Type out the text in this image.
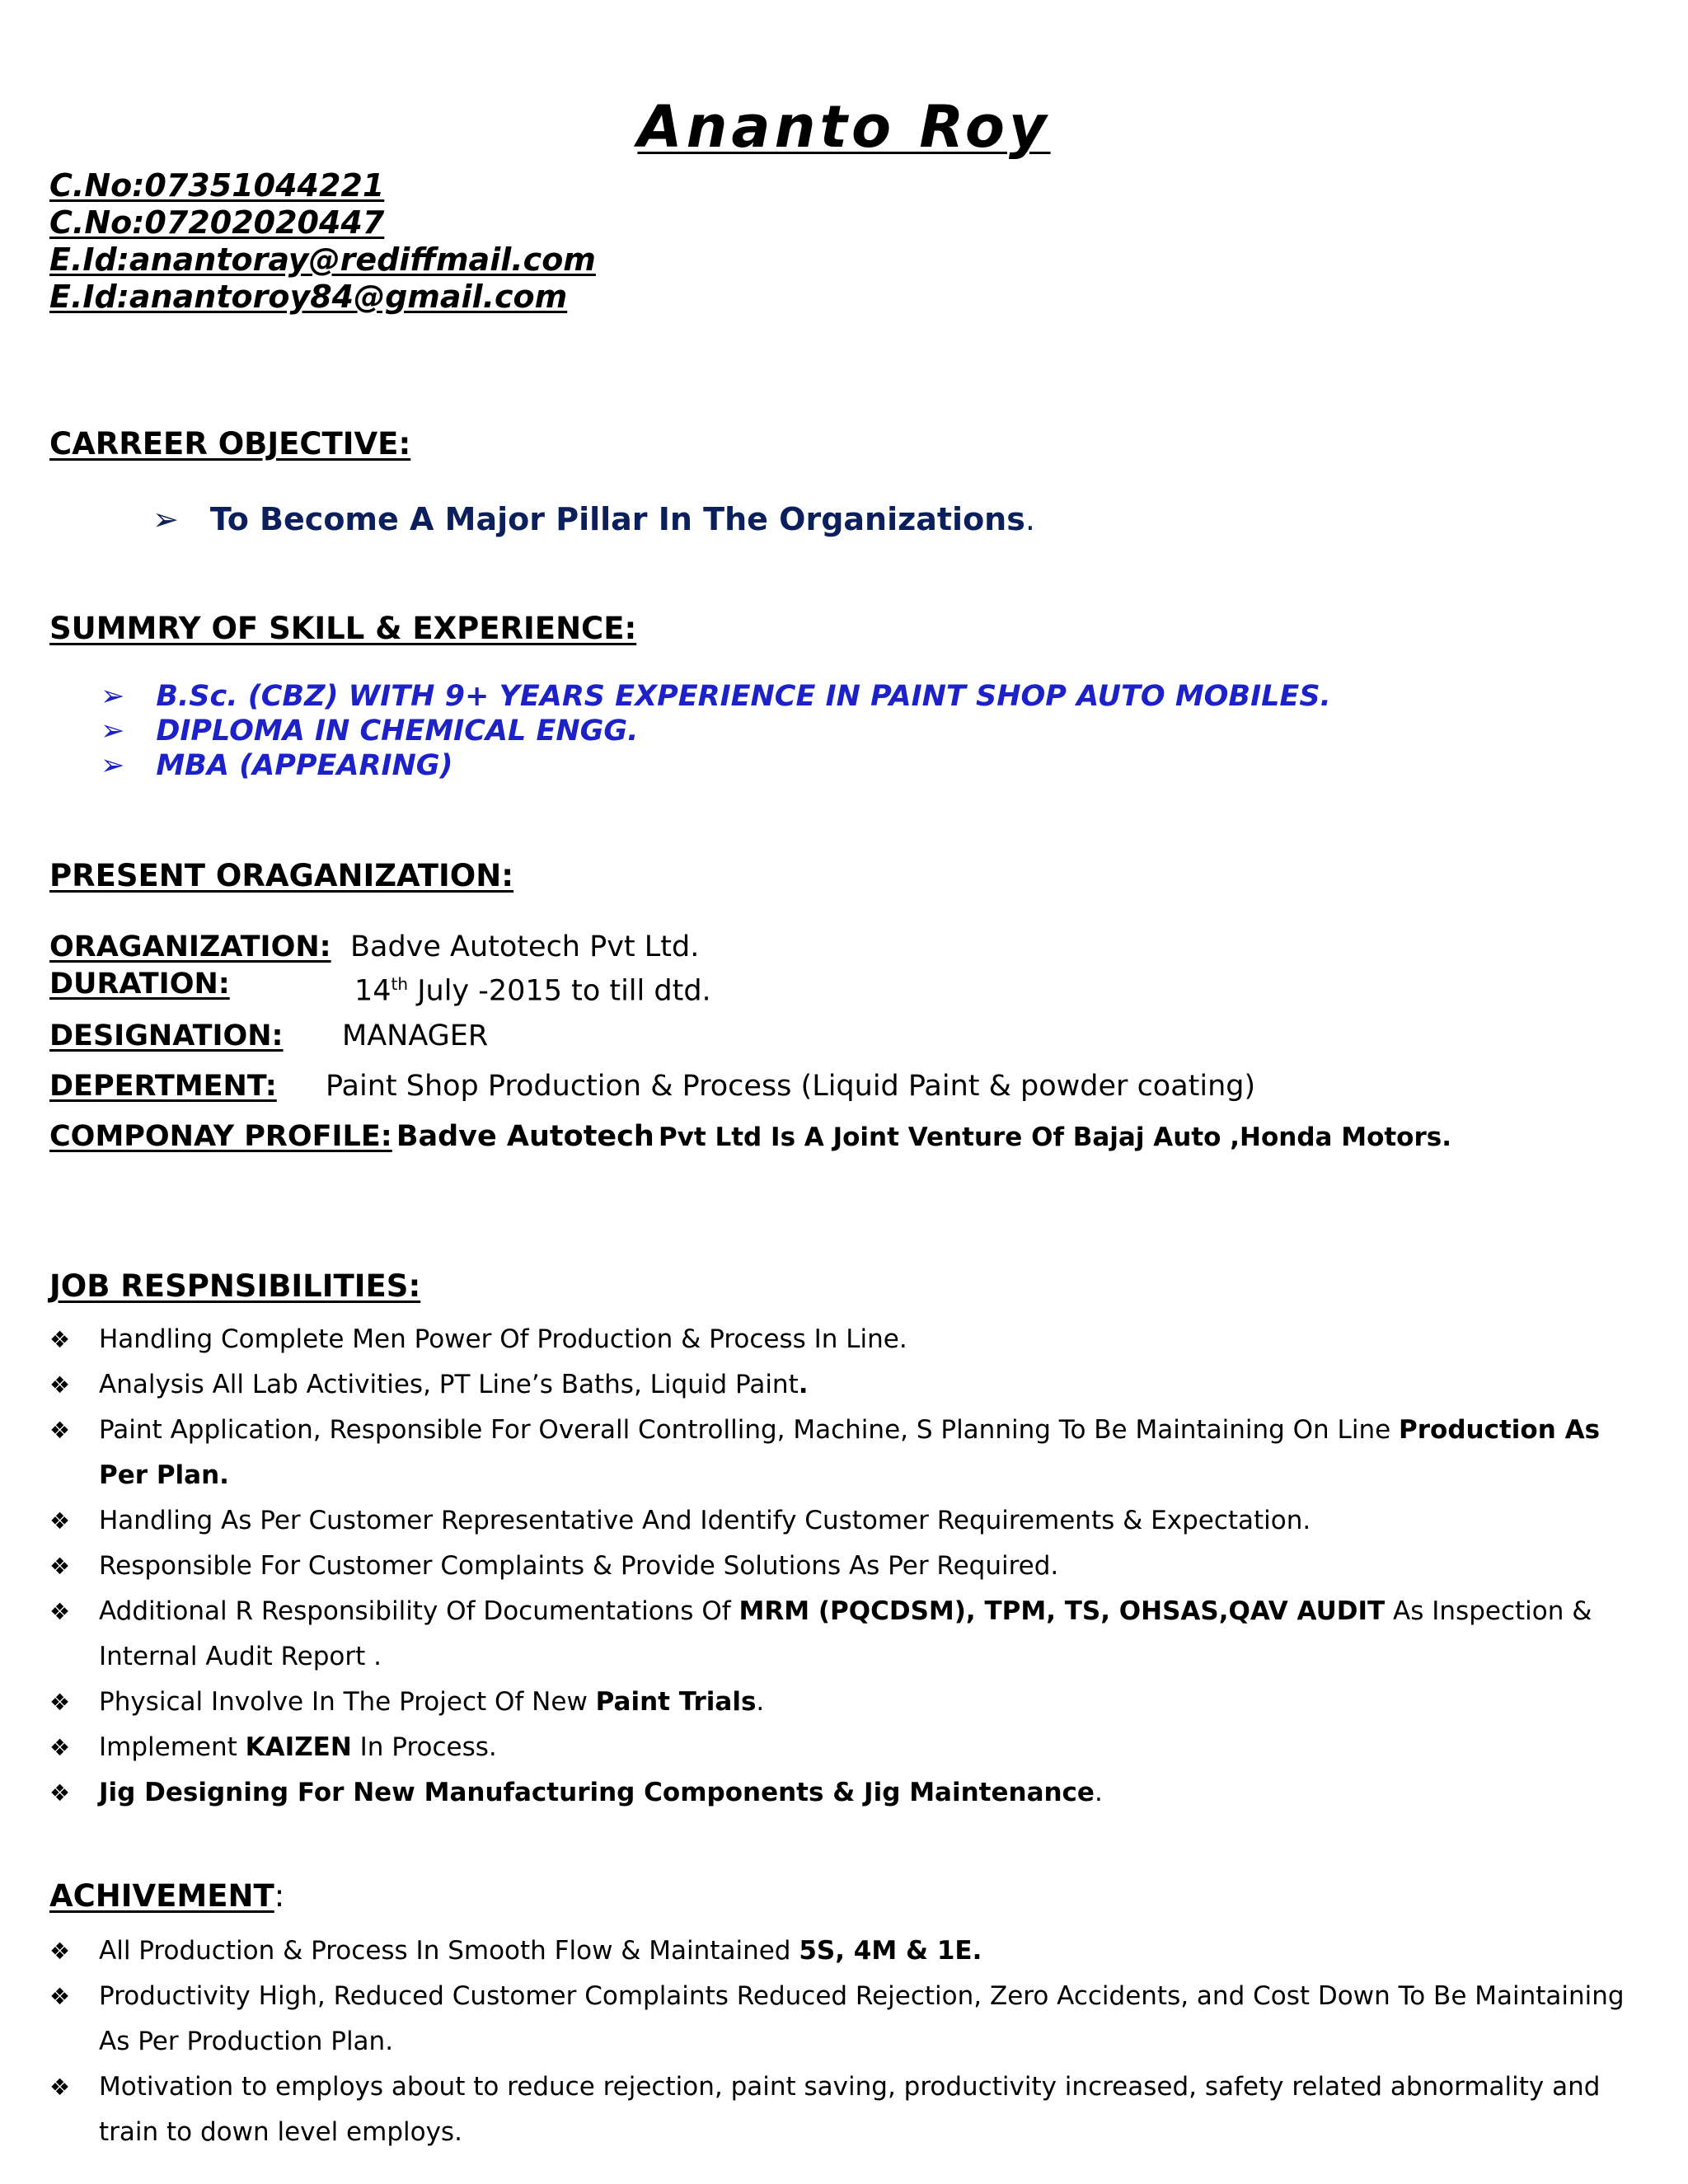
Ananto Roy
C.No:07351044221
C.No:07202020447
E.Id:anantoray@rediffmail.com
E.Id:anantoroy84@gmail.com
CARREER OBJECTIVE:
➢ To Become A Major Pillar In The Organizations.
SUMMRY OF SKILL & EXPERIENCE:
➢ B.Sc. (CBZ) WITH 9+ YEARS EXPERIENCE IN PAINT SHOP AUTO MOBILES.
➢ DIPLOMA IN CHEMICAL ENGG.
➢ MBA (APPEARING)
PRESENT ORAGANIZATION:
ORAGANIZATION: Badve Autotech Pvt Ltd.
DURATION:	14th July -2015 to till dtd.
DESIGNATION: MANAGER
DEPERTMENT: Paint Shop Production & Process (Liquid Paint & powder coating)
COMPONAY PROFILE: Badve Autotech Pvt Ltd Is A Joint Venture Of Bajaj Auto ,Honda Motors.
JOB RESPNSIBILITIES:
❖ Handling Complete Men Power Of Production & Process In Line.
❖ Analysis All Lab Activities, PT Line’s Baths, Liquid Paint.
❖ Paint Application, Responsible For Overall Controlling, Machine, S Planning To Be Maintaining On Line Production As Per Plan.
❖ Handling As Per Customer Representative And Identify Customer Requirements & Expectation.
❖ Responsible For Customer Complaints & Provide Solutions As Per Required.
❖ Additional R Responsibility Of Documentations Of MRM (PQCDSM), TPM, TS, OHSAS,QAV AUDIT As Inspection & Internal Audit Report .
❖ Physical Involve In The Project Of New Paint Trials.
❖ Implement KAIZEN In Process.
❖ Jig Designing For New Manufacturing Components & Jig Maintenance.
ACHIVEMENT:
❖ All Production & Process In Smooth Flow & Maintained 5S, 4M & 1E.
❖ Productivity High, Reduced Customer Complaints Reduced Rejection, Zero Accidents, and Cost Down To Be Maintaining As Per Production Plan.
❖ Motivation to employs about to reduce rejection, paint saving, productivity increased, safety related abnormality and train to down level employs.
